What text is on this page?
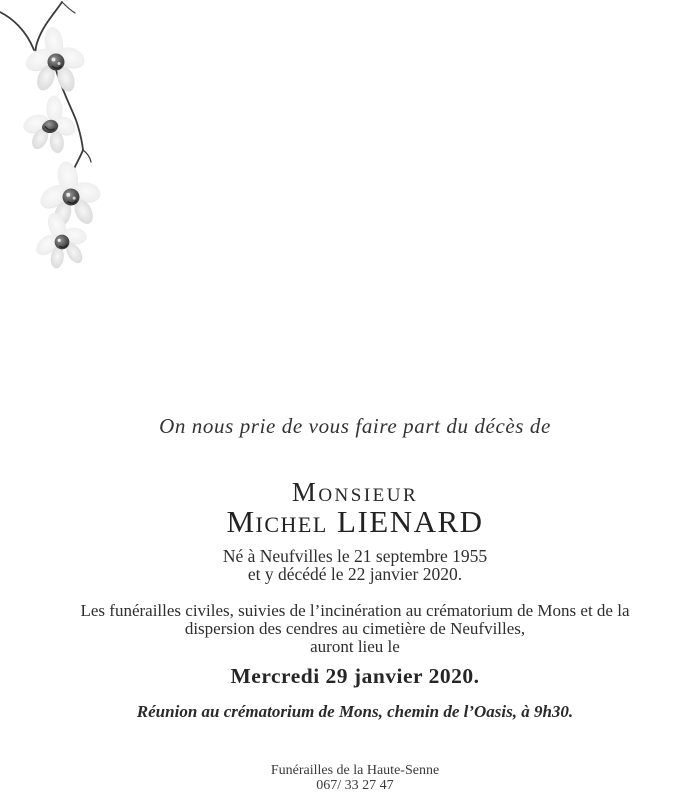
On nous prie de vous faire part du décès de
Monsieur
Michel LIENARD
Né à Neufvilles le 21 septembre 1955
et y décédé le 22 janvier 2020.
Les funérailles civiles, suivies de l’incinération au crématorium de Mons et de la
dispersion des cendres au cimetière de Neufvilles,
auront lieu le
Mercredi 29 janvier 2020.
Réunion au crématorium de Mons, chemin de l’Oasis, à 9h30.
Funérailles de la Haute-Senne
067/ 33 27 47
